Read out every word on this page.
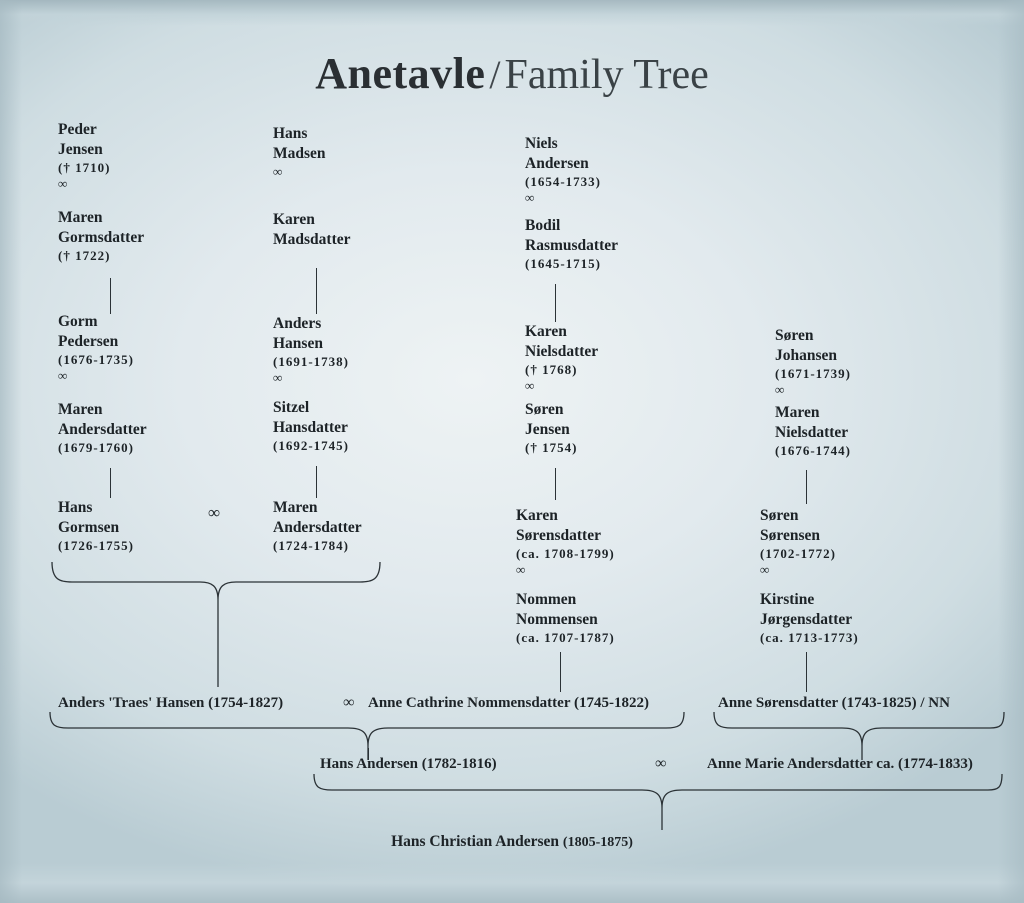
Anetavle /Family Tree
Peder
Jensen
(† 1710)
∞
Maren
Gormsdatter
(† 1722)
Gorm
Pedersen
(1676-1735)
∞
Maren
Andersdatter
(1679-1760)
Hans
Gormsen
(1726-1755)
Hans
Madsen
∞
Karen
Madsdatter
Anders
Hansen
(1691-1738)
∞
Sitzel
Hansdatter
(1692-1745)
Maren
Andersdatter
(1724-1784)
∞
Niels
Andersen
(1654-1733)
∞
Bodil
Rasmusdatter
(1645-1715)
Karen
Nielsdatter
(† 1768)
∞
Søren
Jensen
(† 1754)
Karen
Sørensdatter
(ca. 1708-1799)
∞
Nommen
Nommensen
(ca. 1707-1787)
Søren
Johansen
(1671-1739)
∞
Maren
Nielsdatter
(1676-1744)
Søren
Sørensen
(1702-1772)
∞
Kirstine
Jørgensdatter
(ca. 1713-1773)
Anders 'Traes' Hansen (1754-1827)	∞ Anne Cathrine Nommensdatter (1745-1822)	Anne Sørensdatter (1743-1825) / NN
Hans Andersen (1782-1816)	∞	Anne Marie Andersdatter ca. (1774-1833)
Hans Christian Andersen (1805-1875)
